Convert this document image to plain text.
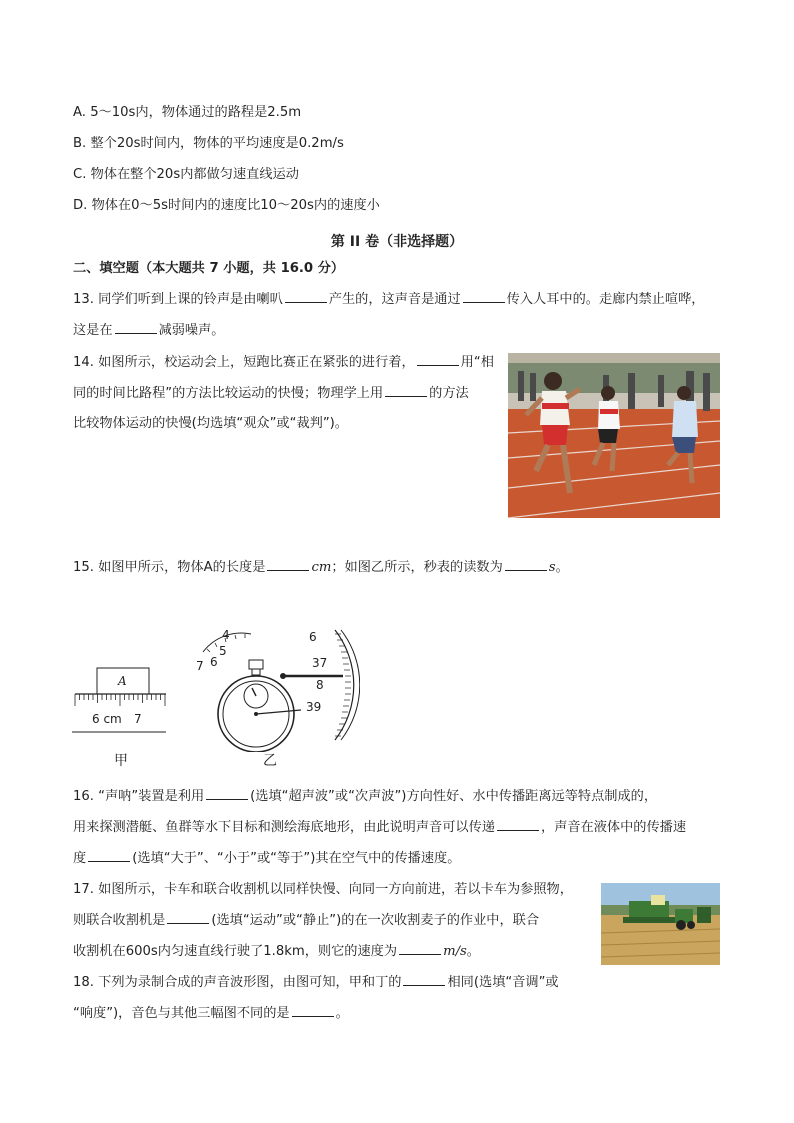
A. 5～10s内，物体通过的路程是2.5m
B. 整个20s时间内，物体的平均速度是0.2m/s
C. 物体在整个20s内都做匀速直线运动
D. 物体在0～5s时间内的速度比10～20s内的速度小
第 II 卷（非选择题）
二、填空题（本大题共 7 小题，共 16.0 分）
13. 同学们听到上课的铃声是由喇叭	产生的，这声音是通过	传入人耳中的。走廊内禁止喧哗，
这是在	减弱噪声。
14. 如图所示，校运动会上，短跑比赛正在紧张的进行着，	用“相
同的时间比路程”的方法比较运动的快慢；物理学上用	的方法
比较物体运动的快慢(均选填“观众”或“裁判”)。
15. 如图甲所示，物体A的长度是	cm；如图乙所示，秒表的读数为	s。
A
6 cm 7
甲
4
5
6
7
6
37
8
39
乙
16. “声呐”装置是利用	(选填“超声波”或“次声波”)方向性好、水中传播距离远等特点制成的，
用来探测潜艇、鱼群等水下目标和测绘海底地形，由此说明声音可以传递	，声音在液体中的传播速
度	(选填“大于”、“小于”或“等于”)其在空气中的传播速度。
17. 如图所示，卡车和联合收割机以同样快慢、向同一方向前进，若以卡车为参照物，
则联合收割机是	(选填“运动”或“静止”)的在一次收割麦子的作业中，联合
收割机在600s内匀速直线行驶了1.8km，则它的速度为	m/s。
18. 下列为录制合成的声音波形图，由图可知，甲和丁的	相同(选填“音调”或
“响度”)，音色与其他三幅图不同的是	。
